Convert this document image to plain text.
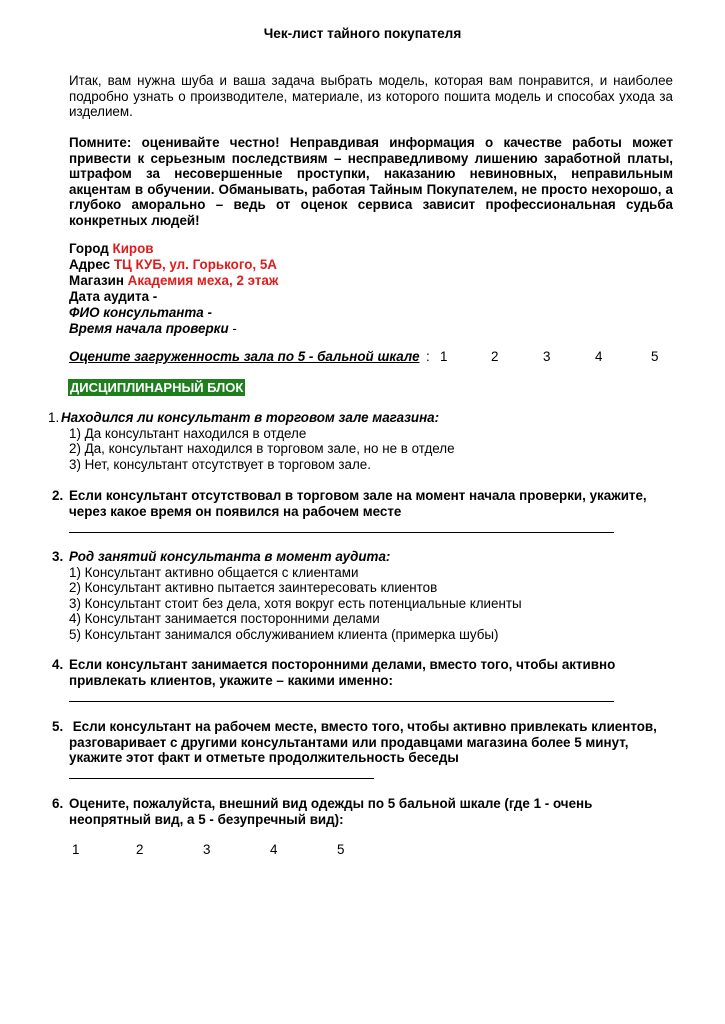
Чек-лист тайного покупателя
Итак, вам нужна шуба и ваша задача выбрать модель, которая вам понравится, и наиболее подробно узнать о производителе, материале, из которого пошита модель и способах ухода за изделием.
Помните: оценивайте честно! Неправдивая информация о качестве работы может привести к серьезным последствиям – несправедливому лишению заработной платы, штрафом за несовершенные проступки, наказанию невиновных, неправильным акцентам в обучении. Обманывать, работая Тайным Покупателем, не просто нехорошо, а глубоко аморально – ведь от оценок сервиса зависит профессиональная судьба конкретных людей!
Город Киров
Адрес ТЦ КУБ, ул. Горького, 5А
Магазин Академия меха, 2 этаж
Дата аудита -
ФИО консультанта -
Время начала проверки -
Оцените загруженность зала по 5 - бальной шкале : 1	2	3	4	5
ДИСЦИПЛИНАРНЫЙ БЛОК
1. Находился ли консультант в торговом зале магазина:
1) Да консультант находился в отделе
2) Да, консультант находился в торговом зале, но не в отделе
3) Нет, консультант отсутствует в торговом зале.
2. Если консультант отсутствовал в торговом зале на момент начала проверки, укажите,
через какое время он появился на рабочем месте
3. Род занятий консультанта в момент аудита:
1) Консультант активно общается с клиентами
2) Консультант активно пытается заинтересовать клиентов
3) Консультант стоит без дела, хотя вокруг есть потенциальные клиенты
4) Консультант занимается посторонними делами
5) Консультант занимался обслуживанием клиента (примерка шубы)
4. Если консультант занимается посторонними делами, вместо того, чтобы активно
привлекать клиентов, укажите – какими именно:
5. Если консультант на рабочем месте, вместо того, чтобы активно привлекать клиентов,
разговаривает с другими консультантами или продавцами магазина более 5 минут,
укажите этот факт и отметьте продолжительность беседы
6. Оцените, пожалуйста, внешний вид одежды по 5 бальной шкале (где 1 - очень
неопрятный вид, а 5 - безупречный вид):
1	2	3	4	5
